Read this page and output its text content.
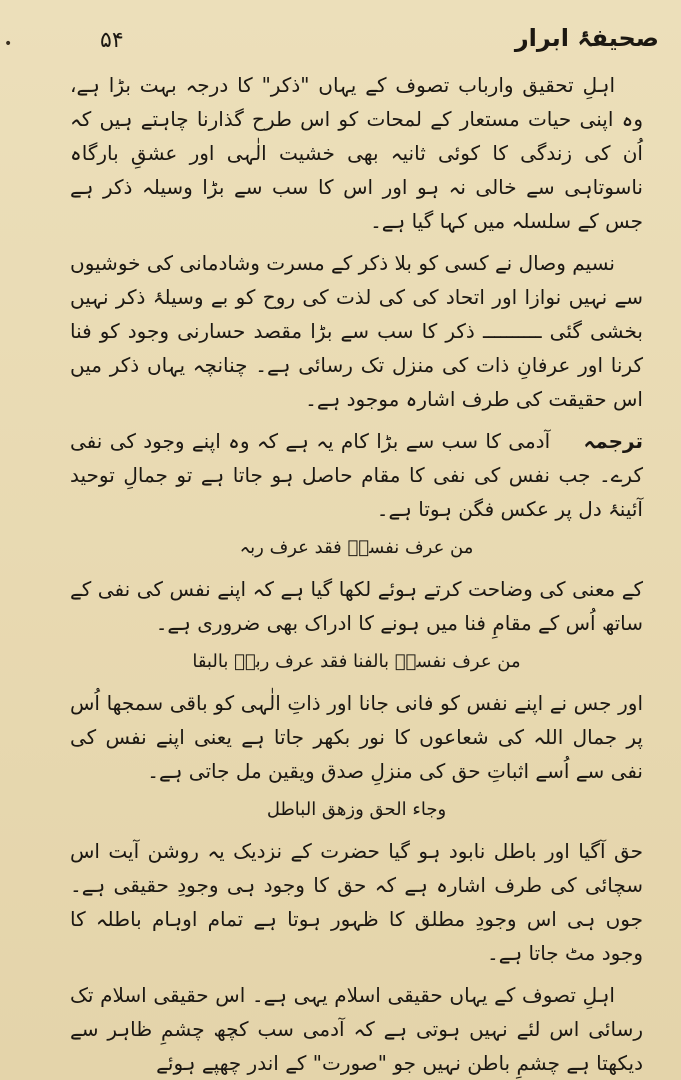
•	۵۴	صحیفۂ ابرار

اہلِ تحقیق وارباب تصوف کے یہاں "ذکر" کا درجہ بہت بڑا ہے، وہ اپنی حیات مستعار کے لمحات کو اس طرح گذارنا چاہتے ہیں کہ اُن کی زندگی کا کوئی ثانیہ بھی خشیت الٰہی اور عشقِ بارگاہ ناسوتاہی سے خالی نہ ہو اور اس کا سب سے بڑا وسیلہ ذکر ہے جس کے سلسلہ میں کہا گیا ہے۔

نسیم وصال نے کسی کو بلا ذکر کے مسرت وشادمانی کی خوشیوں سے نہیں نوازا اور اتحاد کی کی لذت کی روح کو بے وسیلۂ ذکر نہیں بخشی گئی ــــــــــ ذکر کا سب سے بڑا مقصد حسارنی وجود کو فنا کرنا اور عرفانِ ذات کی منزل تک رسائی ہے۔ چنانچہ یہاں ذکر میں اس حقیقت کی طرف اشارہ موجود ہے۔

ترجمہ آدمی کا سب سے بڑا کام یہ ہے کہ وہ اپنے وجود کی نفی کرے۔ جب نفس کی نفی کا مقام حاصل ہو جاتا ہے تو جمالِ توحید آئینۂ دل پر عکس فگن ہوتا ہے۔

من عرف نفسہٗ فقد عرف ربہ

کے معنی کی وضاحت کرتے ہوئے لکھا گیا ہے کہ اپنے نفس کی نفی کے ساتھ اُس کے مقامِ فنا میں ہونے کا ادراک بھی ضروری ہے۔

من عرف نفسہٗ بالفنا فقد عرف ربہٗ بالبقا

اور جس نے اپنے نفس کو فانی جانا اور ذاتِ الٰہی کو باقی سمجھا اُس پر جمال اللہ کی شعاعوں کا نور بکھر جاتا ہے یعنی اپنے نفس کی نفی سے اُسے اثباتِ حق کی منزلِ صدق ویقین مل جاتی ہے۔

وجاء الحق وزھق الباطل

حق آگیا اور باطل نابود ہو گیا حضرت کے نزدیک یہ روشن آیت اس سچائی کی طرف اشارہ ہے کہ حق کا وجود ہی وجودِ حقیقی ہے۔ جوں ہی اس وجودِ مطلق کا ظہور ہوتا ہے تمام اوہام باطلہ کا وجود مٹ جاتا ہے۔

اہلِ تصوف کے یہاں حقیقی اسلام یہی ہے۔ اس حقیقی اسلام تک رسائی اس لئے نہیں ہوتی ہے کہ آدمی سب کچھ چشمِ ظاہر سے دیکھتا ہے چشمِ باطن نہیں جو "صورت" کے اندر چھپے ہوئے
